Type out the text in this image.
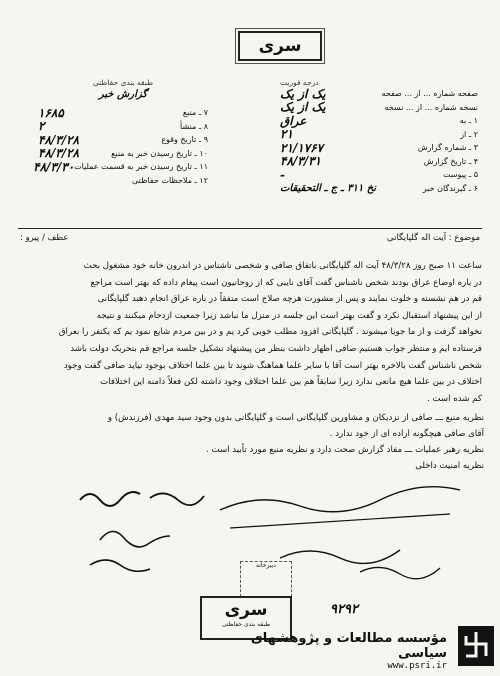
سری
طبقه بندی حفاظتی
گزارش خبر
۷ ـ منبع
۱۶۸۵
۸ ـ منشأ
۲
۹ ـ تاریخ وقوع
۴۸/۳/۲۸
۱۰ ـ تاریخ رسیدن خبر به منبع
۴۸/۳/۲۸
۱۱ ـ تاریخ رسیدن خبر به قسمت عملیات
۴۸/۳/۳۰
۱۲ ـ ملاحظات حفاظتی
درجه فوریت
صفحه شماره ... از ... صفحه
یک از یک
نسخه شماره ... از ... نسخه
یک از یک
۱ ـ به
عراق
۲ ـ از
۲۱
۳ ـ شماره گزارش
۲۱/۱۷۶۷
۴ ـ تاریخ گزارش
۴۸/۳/۳۱
۵ ـ پیوست
-
۶ ـ گیرندگان خبر
نخ ۳۱۱ ـ ج ـ التحقیقات
موضوع : آیت اله گلپایگانی
عطف / پیرو :
ساعت ۱۱ صبح روز ۴۸/۳/۲۸ آیت اله گلپایگانی باتفاق صافی و شخصی ناشناس در اندرون خانه خود مشغول بحث
در باره اوضاع عراق بودند شخص ناشناس گفت آقای نایبی که از روحانیون است پیغام داده که بهتر است مراجع
قم در هم نشسته و خلوت نمایند و پس از مشورت هرچه صلاح است متفقاً در باره عراق انجام دهند گلپایگانی
از این پیشنهاد استقبال نکرد و گفت بهتر است این جلسه در منزل ما نباشد زیرا جمعیت ازدحام میکنند و نتیجه
نخواهد گرفت و از ما جویا میشوند . گلپایگانی افزود مطلب خوبی کرد یم و در بین مردم شایع نمود یم که یکنفر را بعراق
فرستاده ایم و منتظر جواب هستیم صافی اظهار داشت بنظر من پیشنهاد تشکیل جلسه مراجع قم بتحریک دولت باشد
شخص ناشناس گفت بالاخره بهتر است آقا با سایر علما هماهنگ شوند تا بین علما اختلاف بوجود نیاید صافی گفت وجود
اختلاف در بین علما هیچ مانعی ندارد زیرا سابقاً هم بین علما اختلاف وجود داشته لکن فعلاً دامنه این اختلافات
کم شده است .
نظریه منبع ـــ صافی از نزدیکان و مشاورین گلپایگانی است و گلپایگانی بدون وجود سید مهدی (فرزندش) و
آقای صافی هیچگونه اراده ای از خود ندارد .
نظریه رهبر عملیات ـــ مفاد گزارش صحت دارد و نظریه منبع مورد تأیید است .
نظریه امنیت داخلی
دبیرخانه
سری
طبقه بندی حفاظتی
۹۲۹۲
مؤسسه مطالعات و پژوهشهای سیاسی
www.psri.ir
